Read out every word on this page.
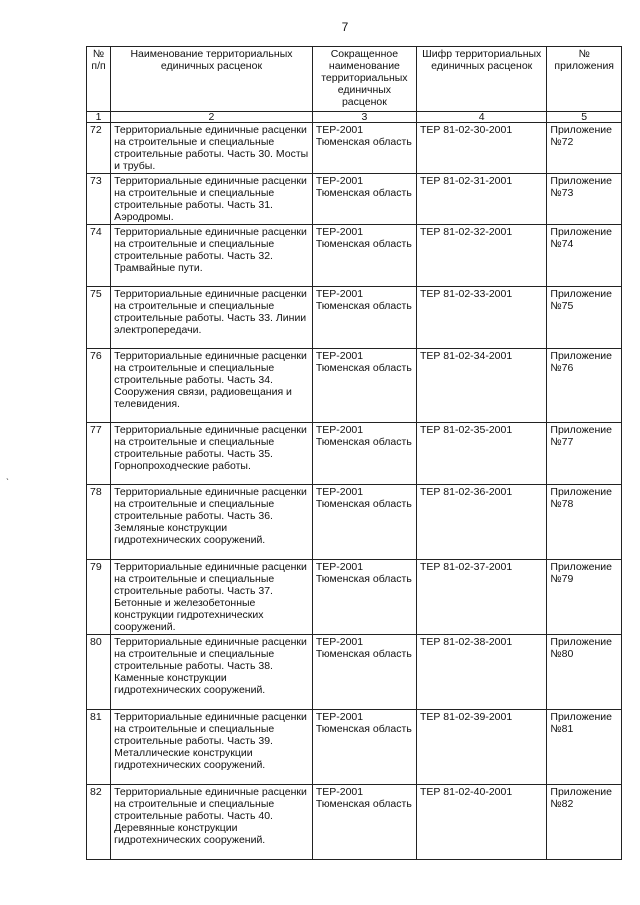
7
№ п/п	Наименование территориальных единичных расценок	Сокращенное наименование территориальных единичных расценок	Шифр территориальных единичных расценок	№ приложения
1	2	3	4	5
72	Территориальные единичные расценки на строительные и специальные строительные работы. Часть 30. Мосты и трубы.	ТЕР-2001 Тюменская область	ТЕР 81-02-30-2001	Приложение №72
73	Территориальные единичные расценки на строительные и специальные строительные работы. Часть 31. Аэродромы.	ТЕР-2001 Тюменская область	ТЕР 81-02-31-2001	Приложение №73
74	Территориальные единичные расценки на строительные и специальные строительные работы. Часть 32. Трамвайные пути.	ТЕР-2001 Тюменская область	ТЕР 81-02-32-2001	Приложение №74
75	Территориальные единичные расценки на строительные и специальные строительные работы. Часть 33. Линии электропередачи.	ТЕР-2001 Тюменская область	ТЕР 81-02-33-2001	Приложение №75
76	Территориальные единичные расценки на строительные и специальные строительные работы. Часть 34. Сооружения связи, радиовещания и телевидения.	ТЕР-2001 Тюменская область	ТЕР 81-02-34-2001	Приложение №76
77	Территориальные единичные расценки на строительные и специальные строительные работы. Часть 35. Горнопроходческие работы.	ТЕР-2001 Тюменская область	ТЕР 81-02-35-2001	Приложение №77
78	Территориальные единичные расценки на строительные и специальные строительные работы. Часть 36. Земляные конструкции гидротехнических сооружений.	ТЕР-2001 Тюменская область	ТЕР 81-02-36-2001	Приложение №78
79	Территориальные единичные расценки на строительные и специальные строительные работы. Часть 37. Бетонные и железобетонные конструкции гидротехнических сооружений.	ТЕР-2001 Тюменская область	ТЕР 81-02-37-2001	Приложение №79
80	Территориальные единичные расценки на строительные и специальные строительные работы. Часть 38. Каменные конструкции гидротехнических сооружений.	ТЕР-2001 Тюменская область	ТЕР 81-02-38-2001	Приложение №80
81	Территориальные единичные расценки на строительные и специальные строительные работы. Часть 39. Металлические конструкции гидротехнических сооружений.	ТЕР-2001 Тюменская область	ТЕР 81-02-39-2001	Приложение №81
82	Территориальные единичные расценки на строительные и специальные строительные работы. Часть 40. Деревянные конструкции гидротехнических сооружений.	ТЕР-2001 Тюменская область	ТЕР 81-02-40-2001	Приложение №82
ˎ
